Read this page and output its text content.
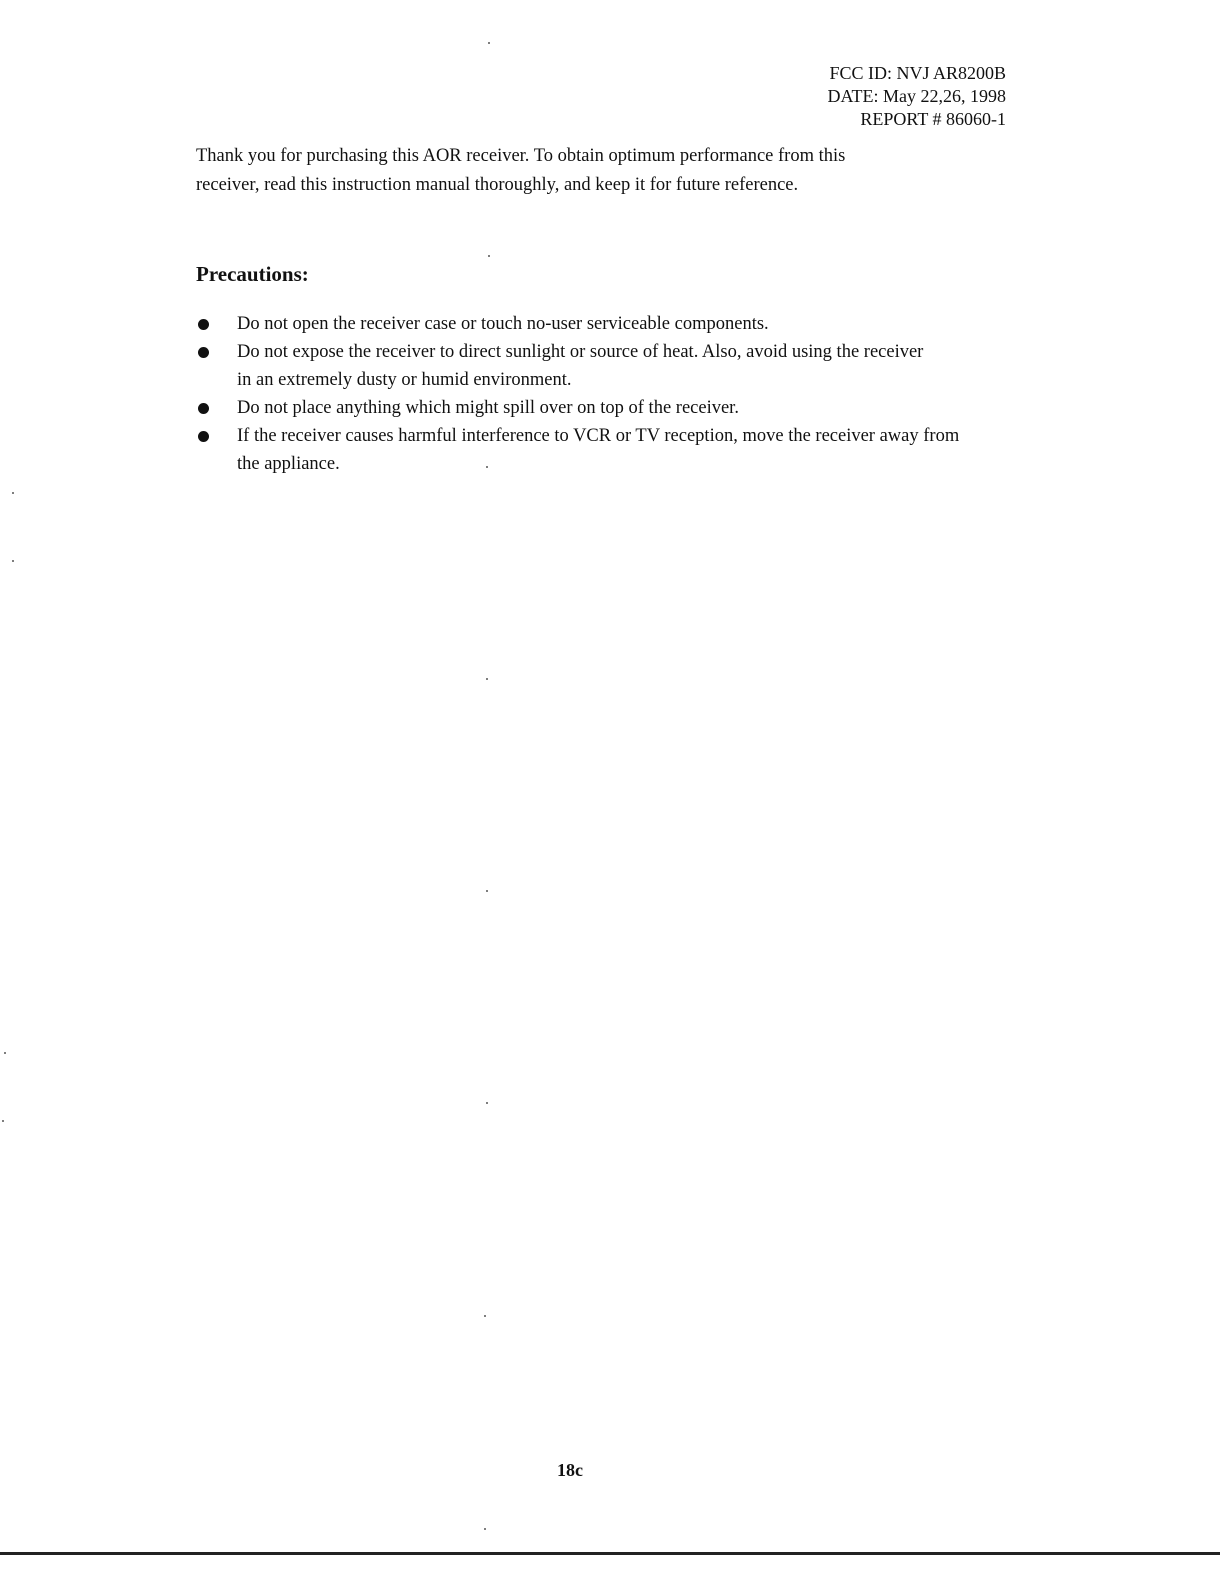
FCC ID: NVJ AR8200B
DATE: May 22,26, 1998
REPORT # 86060-1
Thank you for purchasing this AOR receiver. To obtain optimum performance from this
receiver, read this instruction manual thoroughly, and keep it for future reference.
Precautions:
Do not open the receiver case or touch no-user serviceable components.
Do not expose the receiver to direct sunlight or source of heat. Also, avoid using the receiver
in an extremely dusty or humid environment.
Do not place anything which might spill over on top of the receiver.
If the receiver causes harmful interference to VCR or TV reception, move the receiver away from
the appliance.
18c
